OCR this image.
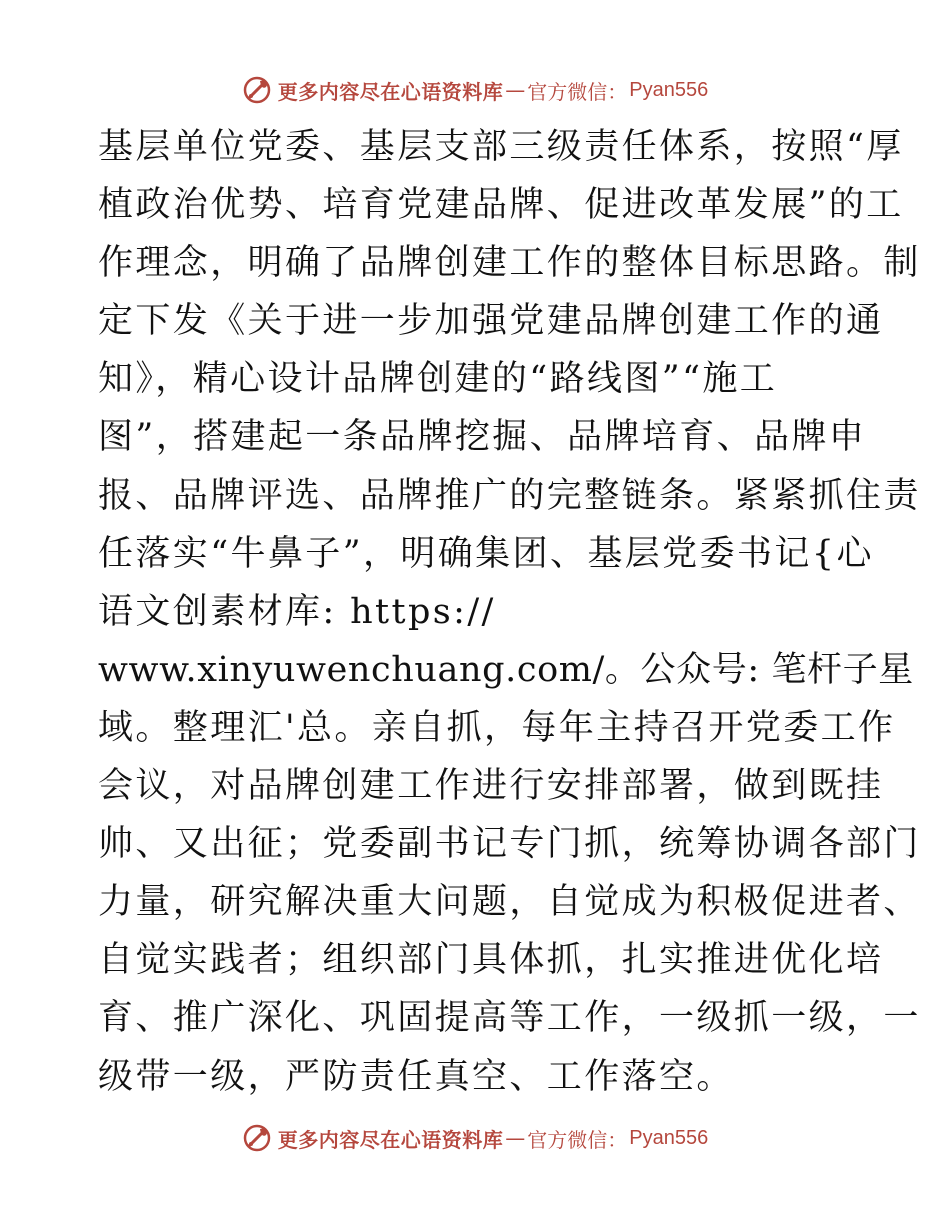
更多内容尽在心语资料库 — 官方微信： Pyan556
基层单位党委、基层支部三级责任体系，按照“厚
植政治优势、培育党建品牌、促进改革发展”的工
作理念，明确了品牌创建工作的整体目标思路。制
定下发《关于进一步加强党建品牌创建工作的通
知》，精心设计品牌创建的“路线图”“施工
图”，搭建起一条品牌挖掘、品牌培育、品牌申
报、品牌评选、品牌推广的完整链条。紧紧抓住责
任落实“牛鼻子”，明确集团、基层党委书记{心
语文创素材库: https://
www.xinyuwenchuang.com/。公众号: 笔杆子星
域。整理汇'总。亲自抓，每年主持召开党委工作
会议，对品牌创建工作进行安排部署，做到既挂
帅、又出征；党委副书记专门抓，统筹协调各部门
力量，研究解决重大问题，自觉成为积极促进者、
自觉实践者；组织部门具体抓，扎实推进优化培
育、推广深化、巩固提高等工作，一级抓一级，一
级带一级，严防责任真空、工作落空。
更多内容尽在心语资料库 — 官方微信： Pyan556
